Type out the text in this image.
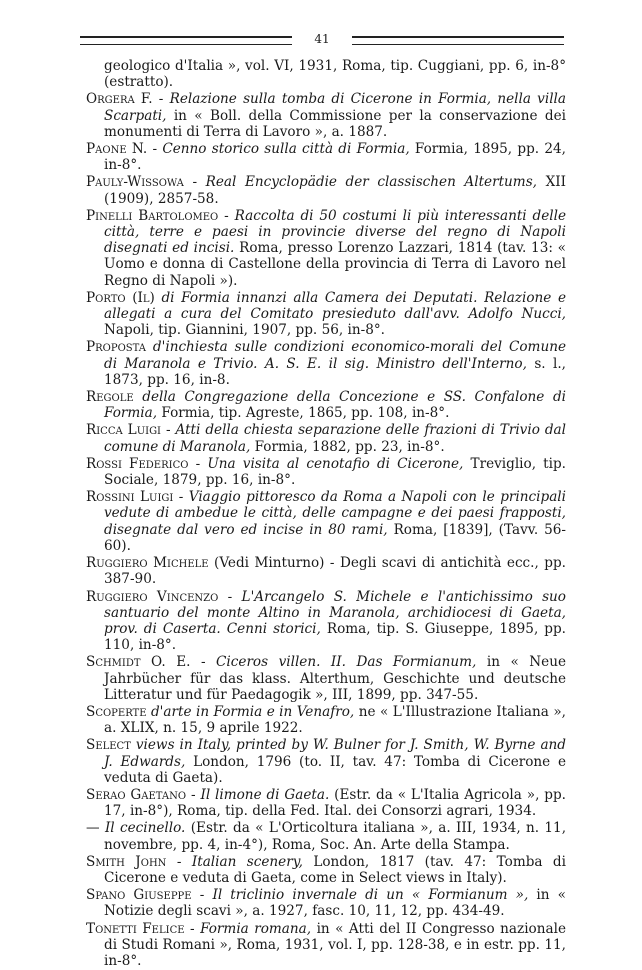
41

geologico d'Italia », vol. VI, 1931, Roma, tip. Cuggiani, pp. 6, in-8° (estratto).

Orgera F. - Relazione sulla tomba di Cicerone in Formia, nella villa Scarpati, in « Boll. della Commissione per la conservazione dei monumenti di Terra di Lavoro », a. 1887.

Paone N. - Cenno storico sulla città di Formia, Formia, 1895, pp. 24, in-8°.

Pauly-Wissowa - Real Encyclopädie der classischen Altertums, XII (1909), 2857-58.

Pinelli Bartolomeo - Raccolta di 50 costumi li più interessanti delle città, terre e paesi in provincie diverse del regno di Napoli disegnati ed incisi. Roma, presso Lorenzo Lazzari, 1814 (tav. 13: « Uomo e donna di Castellone della provincia di Terra di Lavoro nel Regno di Napoli »).

Porto (Il) di Formia innanzi alla Camera dei Deputati. Relazione e allegati a cura del Comitato presieduto dall'avv. Adolfo Nucci, Napoli, tip. Giannini, 1907, pp. 56, in-8°.

Proposta d'inchiesta sulle condizioni economico-morali del Comune di Maranola e Trivio. A. S. E. il sig. Ministro dell'Interno, s. l., 1873, pp. 16, in-8.

Regole della Congregazione della Concezione e SS. Confalone di Formia, Formia, tip. Agreste, 1865, pp. 108, in-8°.

Ricca Luigi - Atti della chiesta separazione delle frazioni di Trivio dal comune di Maranola, Formia, 1882, pp. 23, in-8°.

Rossi Federico - Una visita al cenotafio di Cicerone, Treviglio, tip. Sociale, 1879, pp. 16, in-8°.

Rossini Luigi - Viaggio pittoresco da Roma a Napoli con le principali vedute di ambedue le città, delle campagne e dei paesi frapposti, disegnate dal vero ed incise in 80 rami, Roma, [1839], (Tavv. 56-60).

Ruggiero Michele (Vedi Minturno) - Degli scavi di antichità ecc., pp. 387-90.

Ruggiero Vincenzo - L'Arcangelo S. Michele e l'antichissimo suo santuario del monte Altino in Maranola, archidiocesi di Gaeta, prov. di Caserta. Cenni storici, Roma, tip. S. Giuseppe, 1895, pp. 110, in-8°.

Schmidt O. E. - Ciceros villen. II. Das Formianum, in « Neue Jahrbücher für das klass. Alterthum, Geschichte und deutsche Litteratur und für Paedagogik », III, 1899, pp. 347-55.

Scoperte d'arte in Formia e in Venafro, ne « L'Illustrazione Italiana », a. XLIX, n. 15, 9 aprile 1922.

Select views in Italy, printed by W. Bulner for J. Smith, W. Byrne and J. Edwards, London, 1796 (to. II, tav. 47: Tomba di Cicerone e veduta di Gaeta).

Serao Gaetano - Il limone di Gaeta. (Estr. da « L'Italia Agricola », pp. 17, in-8°), Roma, tip. della Fed. Ital. dei Consorzi agrari, 1934.

— Il cecinello. (Estr. da « L'Orticoltura italiana », a. III, 1934, n. 11, novembre, pp. 4, in-4°), Roma, Soc. An. Arte della Stampa.

Smith John - Italian scenery, London, 1817 (tav. 47: Tomba di Cicerone e veduta di Gaeta, come in Select views in Italy).

Spano Giuseppe - Il triclinio invernale di un « Formianum », in « Notizie degli scavi », a. 1927, fasc. 10, 11, 12, pp. 434-49.

Tonetti Felice - Formia romana, in « Atti del II Congresso nazionale di Studi Romani », Roma, 1931, vol. I, pp. 128-38, e in estr. pp. 11, in-8°.
